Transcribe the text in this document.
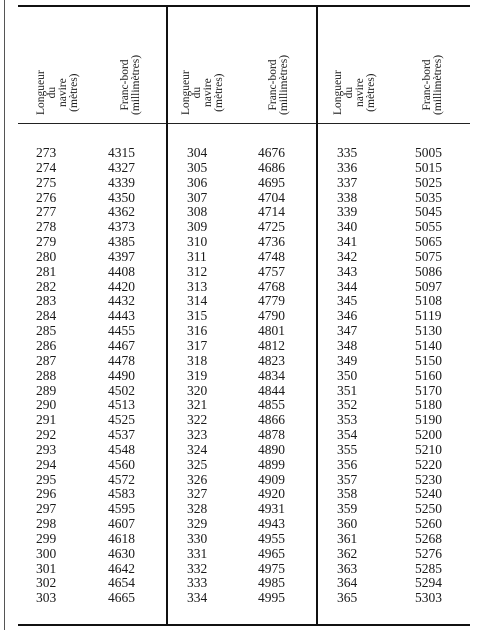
Longueur
du
navire
(mètres)	Franc-bord
(millimètres)
273	4315
274	4327
275	4339
276	4350
277	4362
278	4373
279	4385
280	4397
281	4408
282	4420
283	4432
284	4443
285	4455
286	4467
287	4478
288	4490
289	4502
290	4513
291	4525
292	4537
293	4548
294	4560
295	4572
296	4583
297	4595
298	4607
299	4618
300	4630
301	4642
302	4654
303	4665
Longueur
du
navire
(mètres)	Franc-bord
(millimètres)
304	4676
305	4686
306	4695
307	4704
308	4714
309	4725
310	4736
311	4748
312	4757
313	4768
314	4779
315	4790
316	4801
317	4812
318	4823
319	4834
320	4844
321	4855
322	4866
323	4878
324	4890
325	4899
326	4909
327	4920
328	4931
329	4943
330	4955
331	4965
332	4975
333	4985
334	4995
Longueur
du
navire
(mètres)	Franc-bord
(millimètres)
335	5005
336	5015
337	5025
338	5035
339	5045
340	5055
341	5065
342	5075
343	5086
344	5097
345	5108
346	5119
347	5130
348	5140
349	5150
350	5160
351	5170
352	5180
353	5190
354	5200
355	5210
356	5220
357	5230
358	5240
359	5250
360	5260
361	5268
362	5276
363	5285
364	5294
365	5303
